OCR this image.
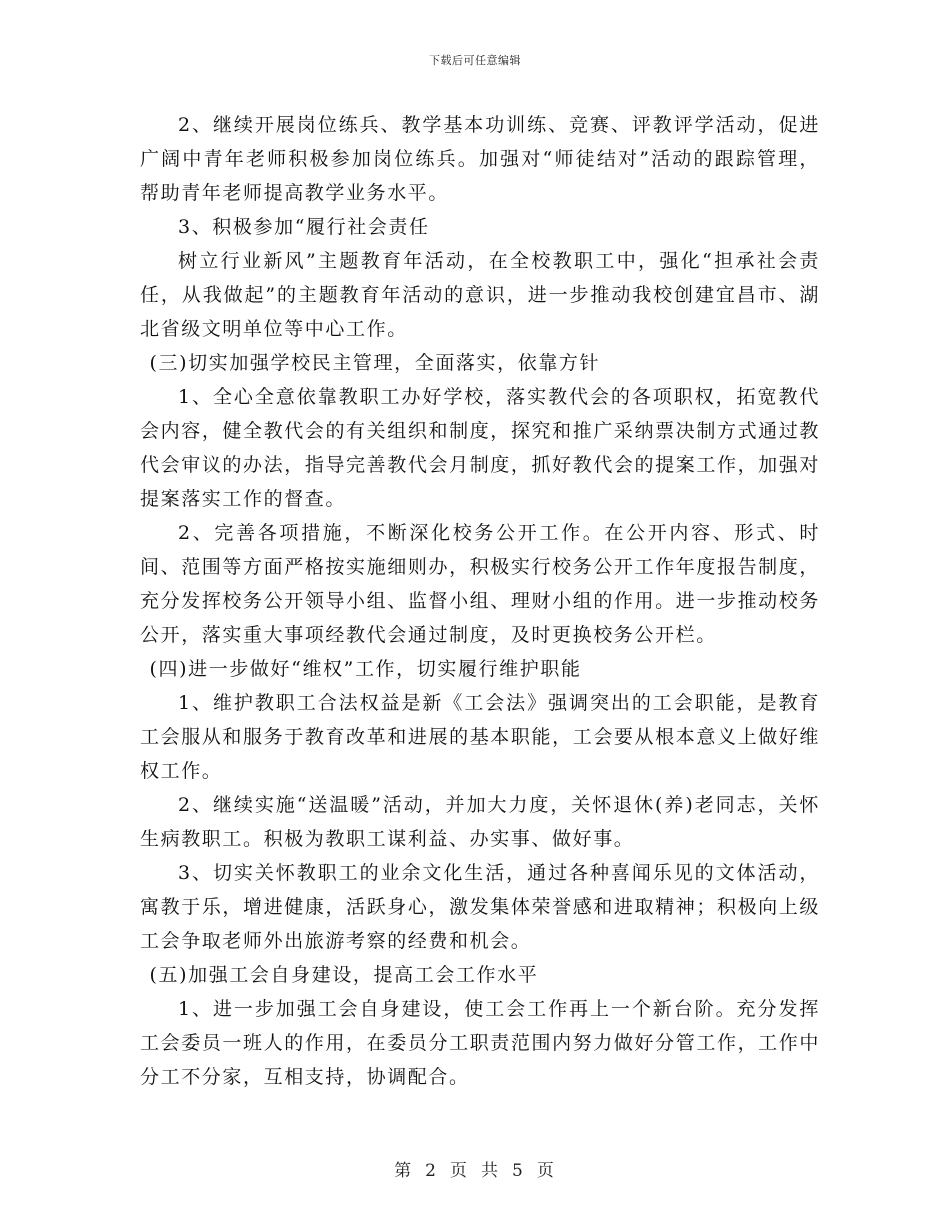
下载后可任意编辑

2、继续开展岗位练兵、教学基本功训练、竞赛、评教评学活动，促进广阔中青年老师积极参加岗位练兵。加强对“师徒结对”活动的跟踪管理，帮助青年老师提高教学业务水平。

3、积极参加“履行社会责任

树立行业新风”主题教育年活动，在全校教职工中，强化“担承社会责任，从我做起”的主题教育年活动的意识，进一步推动我校创建宜昌市、湖北省级文明单位等中心工作。

(三)切实加强学校民主管理，全面落实，依靠方针

1、全心全意依靠教职工办好学校，落实教代会的各项职权，拓宽教代会内容，健全教代会的有关组织和制度，探究和推广采纳票决制方式通过教代会审议的办法，指导完善教代会月制度，抓好教代会的提案工作，加强对提案落实工作的督查。

2、完善各项措施，不断深化校务公开工作。在公开内容、形式、时间、范围等方面严格按实施细则办，积极实行校务公开工作年度报告制度，充分发挥校务公开领导小组、监督小组、理财小组的作用。进一步推动校务公开，落实重大事项经教代会通过制度，及时更换校务公开栏。

(四)进一步做好“维权”工作，切实履行维护职能

1、维护教职工合法权益是新《工会法》强调突出的工会职能，是教育工会服从和服务于教育改革和进展的基本职能，工会要从根本意义上做好维权工作。

2、继续实施“送温暖”活动，并加大力度，关怀退休(养)老同志，关怀生病教职工。积极为教职工谋利益、办实事、做好事。

3、切实关怀教职工的业余文化生活，通过各种喜闻乐见的文体活动，寓教于乐，增进健康，活跃身心，激发集体荣誉感和进取精神；积极向上级工会争取老师外出旅游考察的经费和机会。

(五)加强工会自身建设，提高工会工作水平

1、进一步加强工会自身建设，使工会工作再上一个新台阶。充分发挥工会委员一班人的作用，在委员分工职责范围内努力做好分管工作，工作中分工不分家，互相支持，协调配合。

第 2 页 共 5 页
